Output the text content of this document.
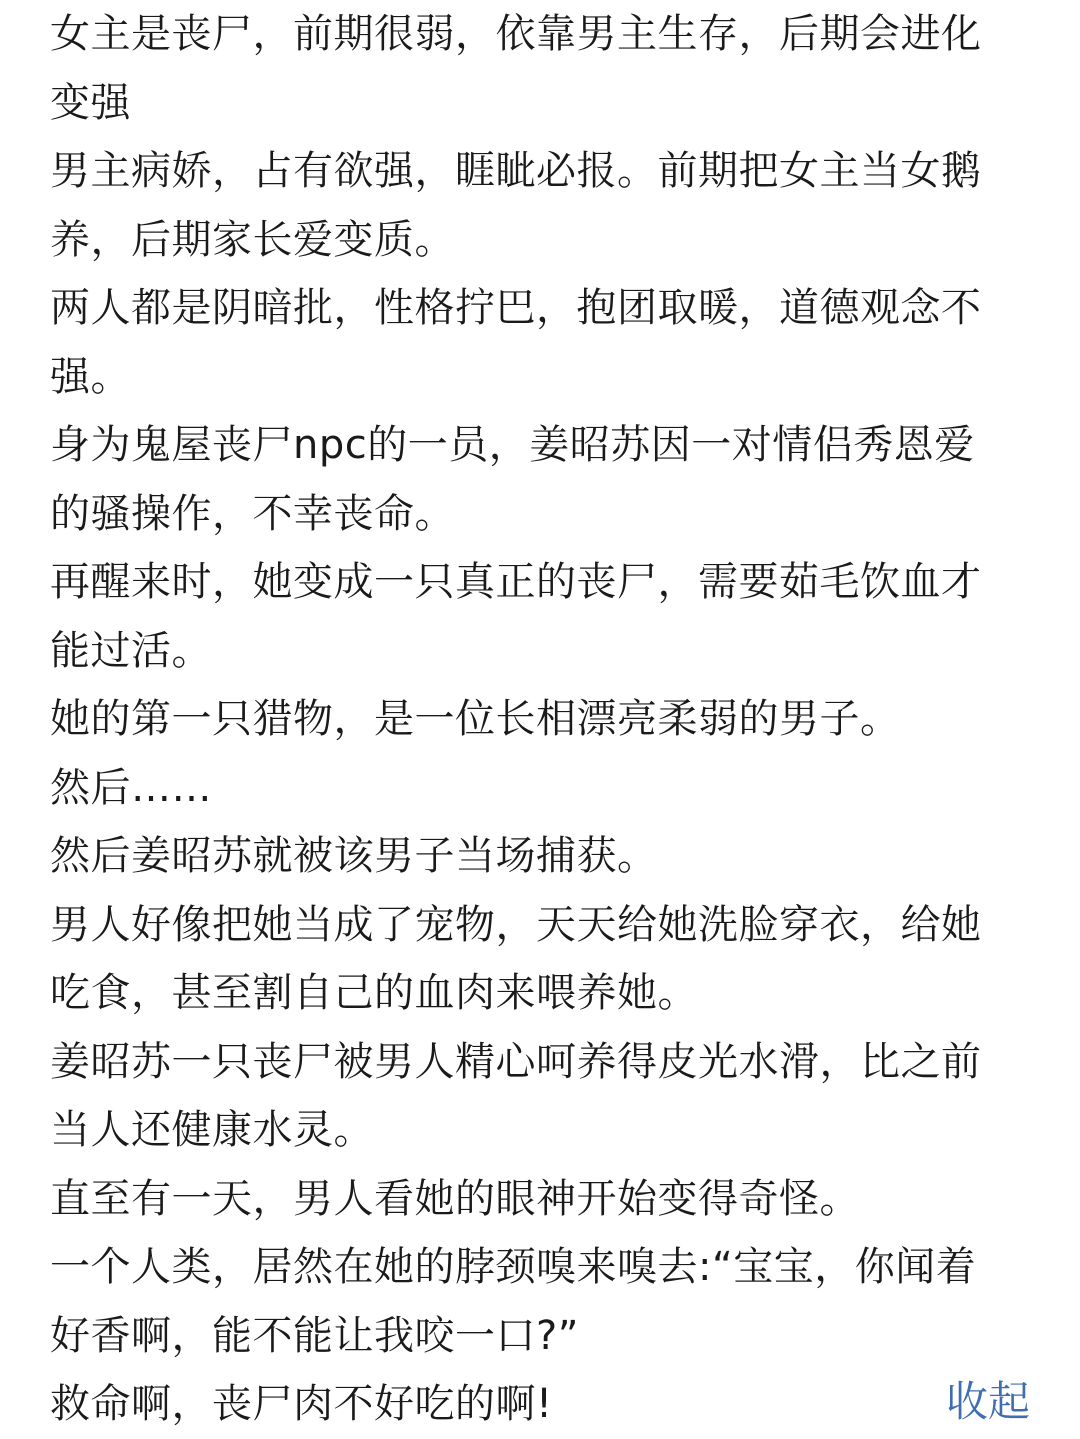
女主是丧尸，前期很弱，依靠男主生存，后期会进化变强

男主病娇，占有欲强，睚眦必报。前期把女主当女鹅养，后期家长爱变质。

两人都是阴暗批，性格拧巴，抱团取暖，道德观念不强。

身为鬼屋丧尸npc的一员，姜昭苏因一对情侣秀恩爱的骚操作，不幸丧命。

再醒来时，她变成一只真正的丧尸，需要茹毛饮血才能过活。

她的第一只猎物，是一位长相漂亮柔弱的男子。

然后……

然后姜昭苏就被该男子当场捕获。

男人好像把她当成了宠物，天天给她洗脸穿衣，给她吃食，甚至割自己的血肉来喂养她。

姜昭苏一只丧尸被男人精心呵养得皮光水滑，比之前当人还健康水灵。

直至有一天，男人看她的眼神开始变得奇怪。

一个人类，居然在她的脖颈嗅来嗅去:“宝宝，你闻着好香啊，能不能让我咬一口?”

救命啊，丧尸肉不好吃的啊!	收起
